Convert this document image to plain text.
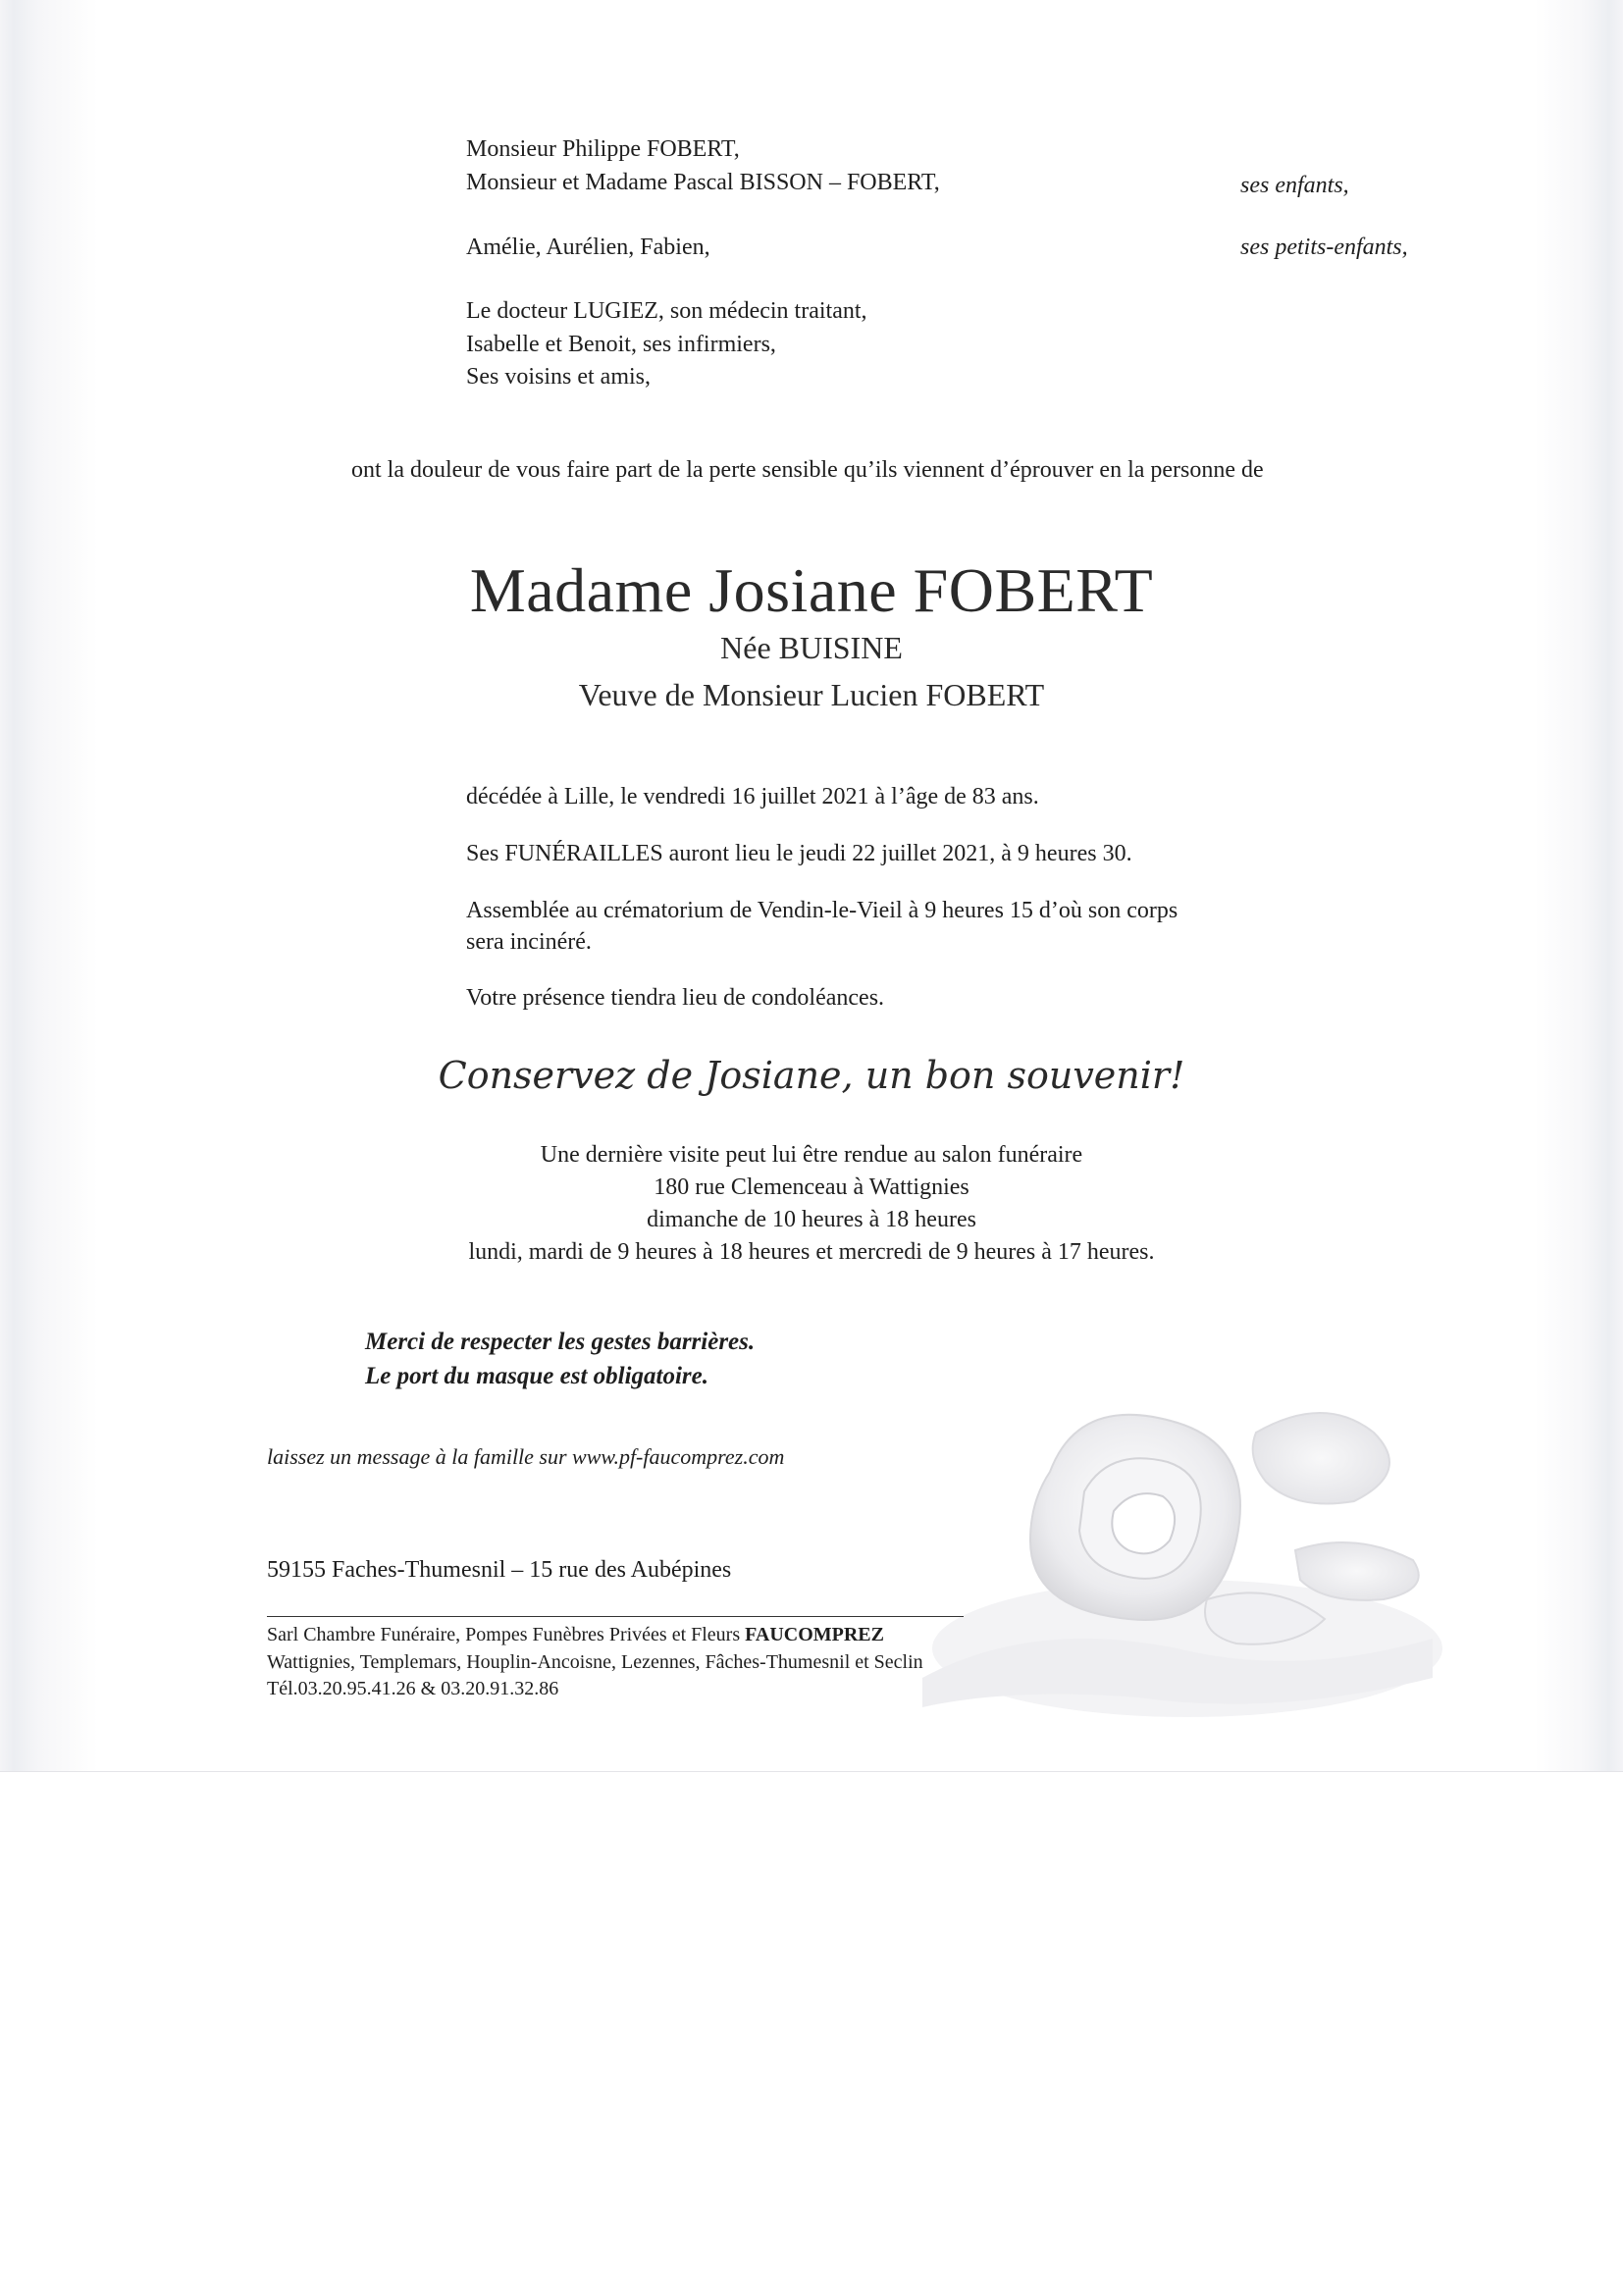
Monsieur Philippe FOBERT,
Monsieur et Madame Pascal BISSON – FOBERT,	ses enfants,
Amélie, Aurélien, Fabien,	ses petits-enfants,
Le docteur LUGIEZ, son médecin traitant,
Isabelle et Benoit, ses infirmiers,
Ses voisins et amis,
ont la douleur de vous faire part de la perte sensible qu’ils viennent d’éprouver en la personne de
Madame Josiane FOBERT
Née BUISINE
Veuve de Monsieur Lucien FOBERT
décédée à Lille, le vendredi 16 juillet 2021 à l’âge de 83 ans.
Ses FUNÉRAILLES auront lieu le jeudi 22 juillet 2021, à 9 heures 30.
Assemblée au crématorium de Vendin-le-Vieil à 9 heures 15 d’où son corps
sera incinéré.
Votre présence tiendra lieu de condoléances.
Conservez de Josiane, un bon souvenir!
Une dernière visite peut lui être rendue au salon funéraire
180 rue Clemenceau à Wattignies
dimanche de 10 heures à 18 heures
lundi, mardi de 9 heures à 18 heures et mercredi de 9 heures à 17 heures.
Merci de respecter les gestes barrières.
Le port du masque est obligatoire.
laissez un message à la famille sur www.pf-faucomprez.com
59155 Faches-Thumesnil – 15 rue des Aubépines
Sarl Chambre Funéraire, Pompes Funèbres Privées et Fleurs FAUCOMPREZ
Wattignies, Templemars, Houplin-Ancoisne, Lezennes, Fâches-Thumesnil et Seclin
Tél.03.20.95.41.26 & 03.20.91.32.86
